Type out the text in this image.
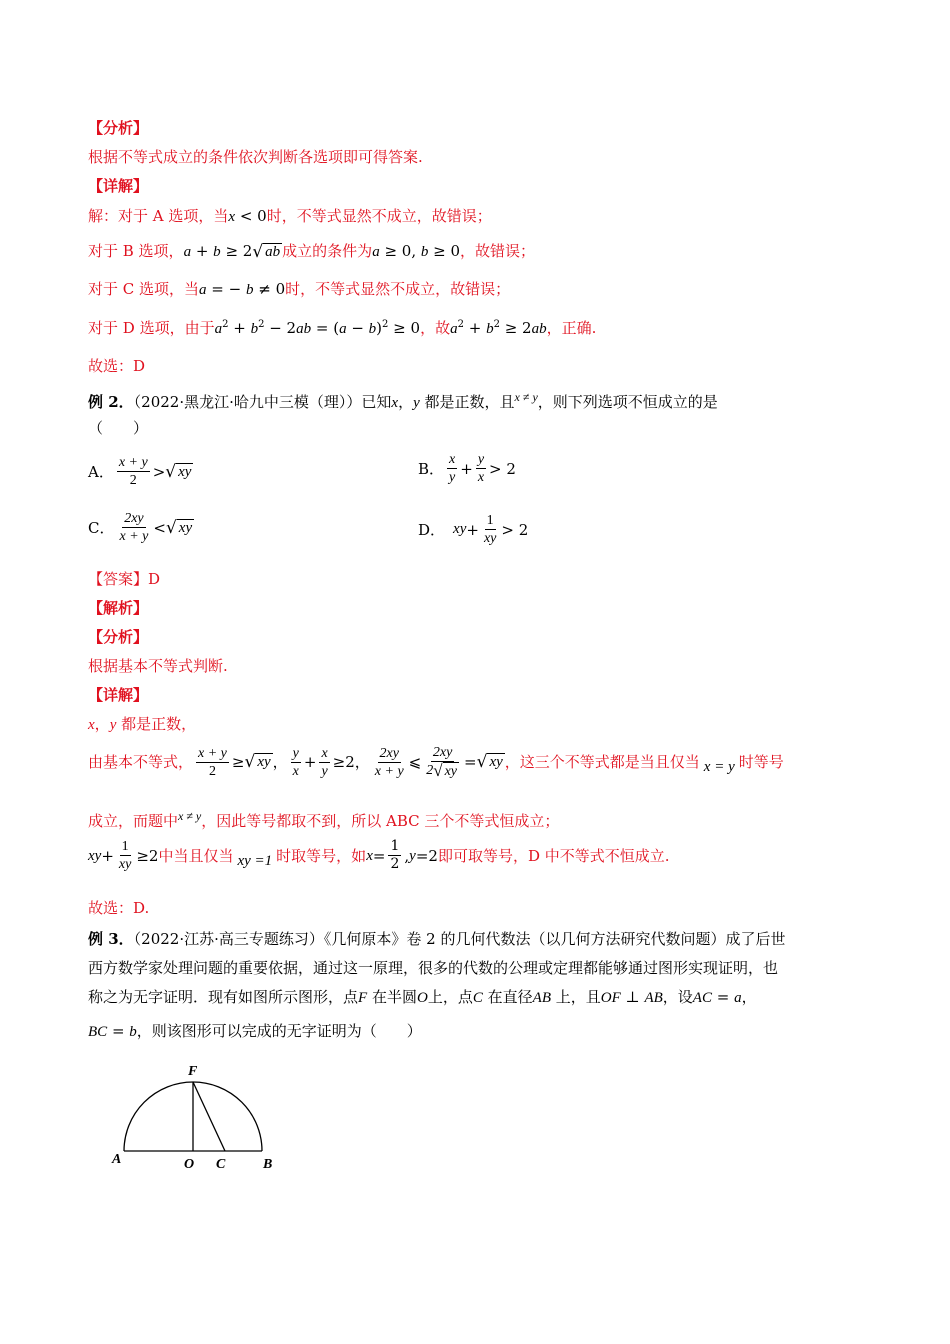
【分析】
根据不等式成立的条件依次判断各选项即可得答案.
【详解】
解：对于 A 选项，当x < 0时，不等式显然不成立，故错误；
对于 B 选项，a + b ≥ 2 √ ab 成立的条件为a ≥ 0, b ≥ 0，故错误；
对于 C 选项，当a = − b ≠ 0时，不等式显然不成立，故错误；
对于 D 选项，由于$a^2 + b^2 - 2ab = (a - b)^2 \ge 0$，故$a^2 + b^2 \ge 2ab$，正确.
故选：D
例 2．（2022·黑龙江·哈九中三模（理））已知x，y 都是正数，且$^{x \ne y}$，则下列选项不恒成立的是
（　　）
A． $\frac{x + y}{2}$ > √ xy	B． $\frac{x}{y} + \frac{y}{x} > 2$
C． $\frac{2xy}{x + y}$ < √ xy	D． xy + $\frac{1}{xy} > 2$
【答案】D
【解析】
【分析】
根据基本不等式判断.
【详解】
x，y 都是正数，
由基本不等式， $\frac{x + y}{2}$ ≥ √ xy ， $\frac{y}{x} + \frac{x}{y} \ge 2$， $\frac{2xy}{x + y}$ ⩽ $\frac{2xy}{2 √ xy}$ = √ xy ，这三个不等式都是当且仅当 x = y 时等号
成立，而题中$^{x \ne y}$，因此等号都取不到，所以 ABC 三个不等式恒成立；
xy + $\frac{1}{xy} \ge 2$ 中当且仅当 xy =1 时取等号，如 $x = \frac{1}{2}$ , y =2 即可取等号，D 中不等式不恒成立.
故选：D.
例 3．（2022·江苏·高三专题练习）《几何原本》卷 2 的几何代数法（以几何方法研究代数问题）成了后世
西方数学家处理问题的重要依据，通过这一原理，很多的代数的公理或定理都能够通过图形实现证明，也
称之为无字证明．现有如图所示图形，点F 在半圆O上，点C 在直径AB 上，且OF ⊥ AB，设AC = a，
BC = b，则该图形可以完成的无字证明为（　　）
A	O C	B
F
